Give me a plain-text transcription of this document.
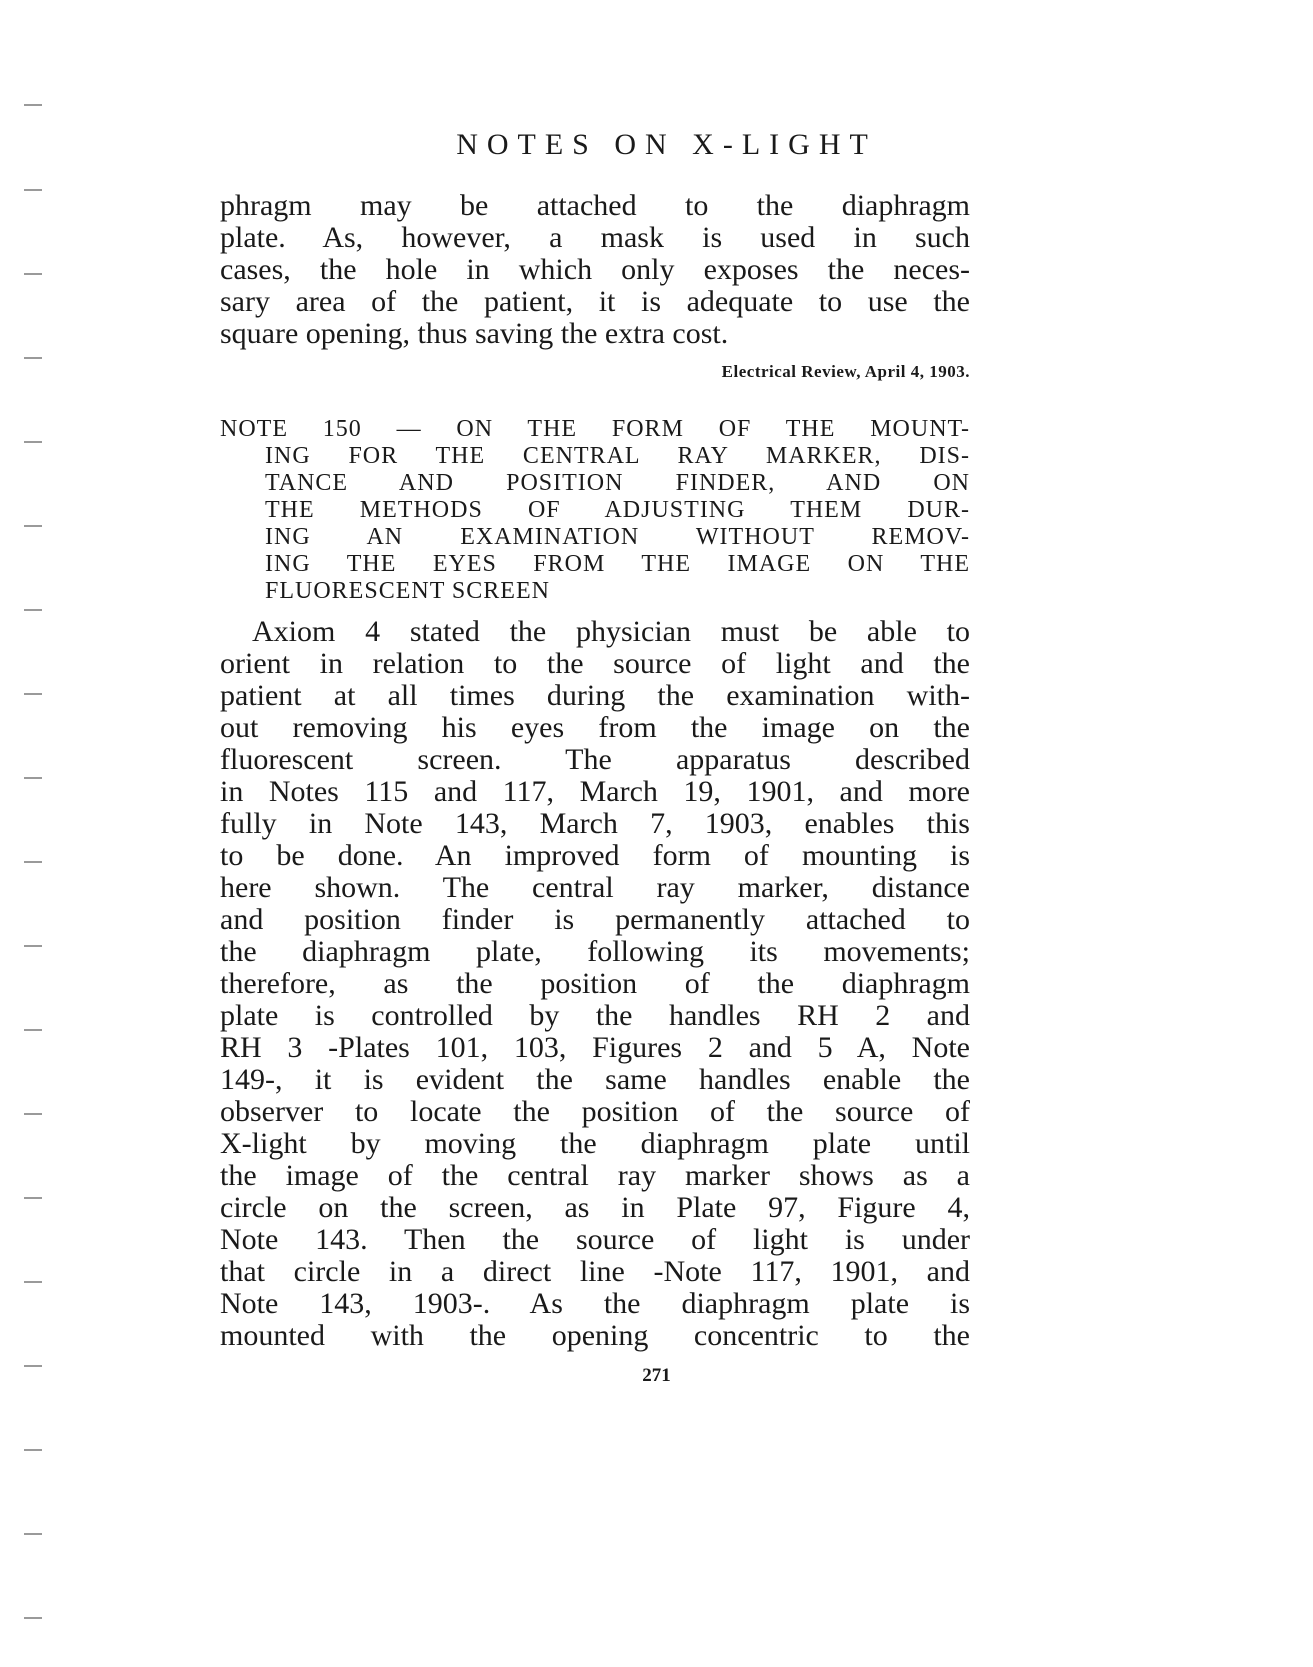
NOTES ON X-LIGHT
phragm may be attached to the diaphragm
plate. As, however, a mask is used in such
cases, the hole in which only exposes the neces-
sary area of the patient, it is adequate to use the
square opening, thus saving the extra cost.
Electrical Review, April 4, 1903.
NOTE 150 — ON THE FORM OF THE MOUNT-
ING FOR THE CENTRAL RAY MARKER, DIS-
TANCE AND POSITION FINDER, AND ON
THE METHODS OF ADJUSTING THEM DUR-
ING AN EXAMINATION WITHOUT REMOV-
ING THE EYES FROM THE IMAGE ON THE
FLUORESCENT SCREEN
Axiom 4 stated the physician must be able to
orient in relation to the source of light and the
patient at all times during the examination with-
out removing his eyes from the image on the
fluorescent screen. The apparatus described
in Notes 115 and 117, March 19, 1901, and more
fully in Note 143, March 7, 1903, enables this
to be done. An improved form of mounting is
here shown. The central ray marker, distance
and position finder is permanently attached to
the diaphragm plate, following its movements;
therefore, as the position of the diaphragm
plate is controlled by the handles RH 2 and
RH 3 -Plates 101, 103, Figures 2 and 5 A, Note
149-, it is evident the same handles enable the
observer to locate the position of the source of
X-light by moving the diaphragm plate until
the image of the central ray marker shows as a
circle on the screen, as in Plate 97, Figure 4,
Note 143. Then the source of light is under
that circle in a direct line -Note 117, 1901, and
Note 143, 1903-. As the diaphragm plate is
mounted with the opening concentric to the
271
